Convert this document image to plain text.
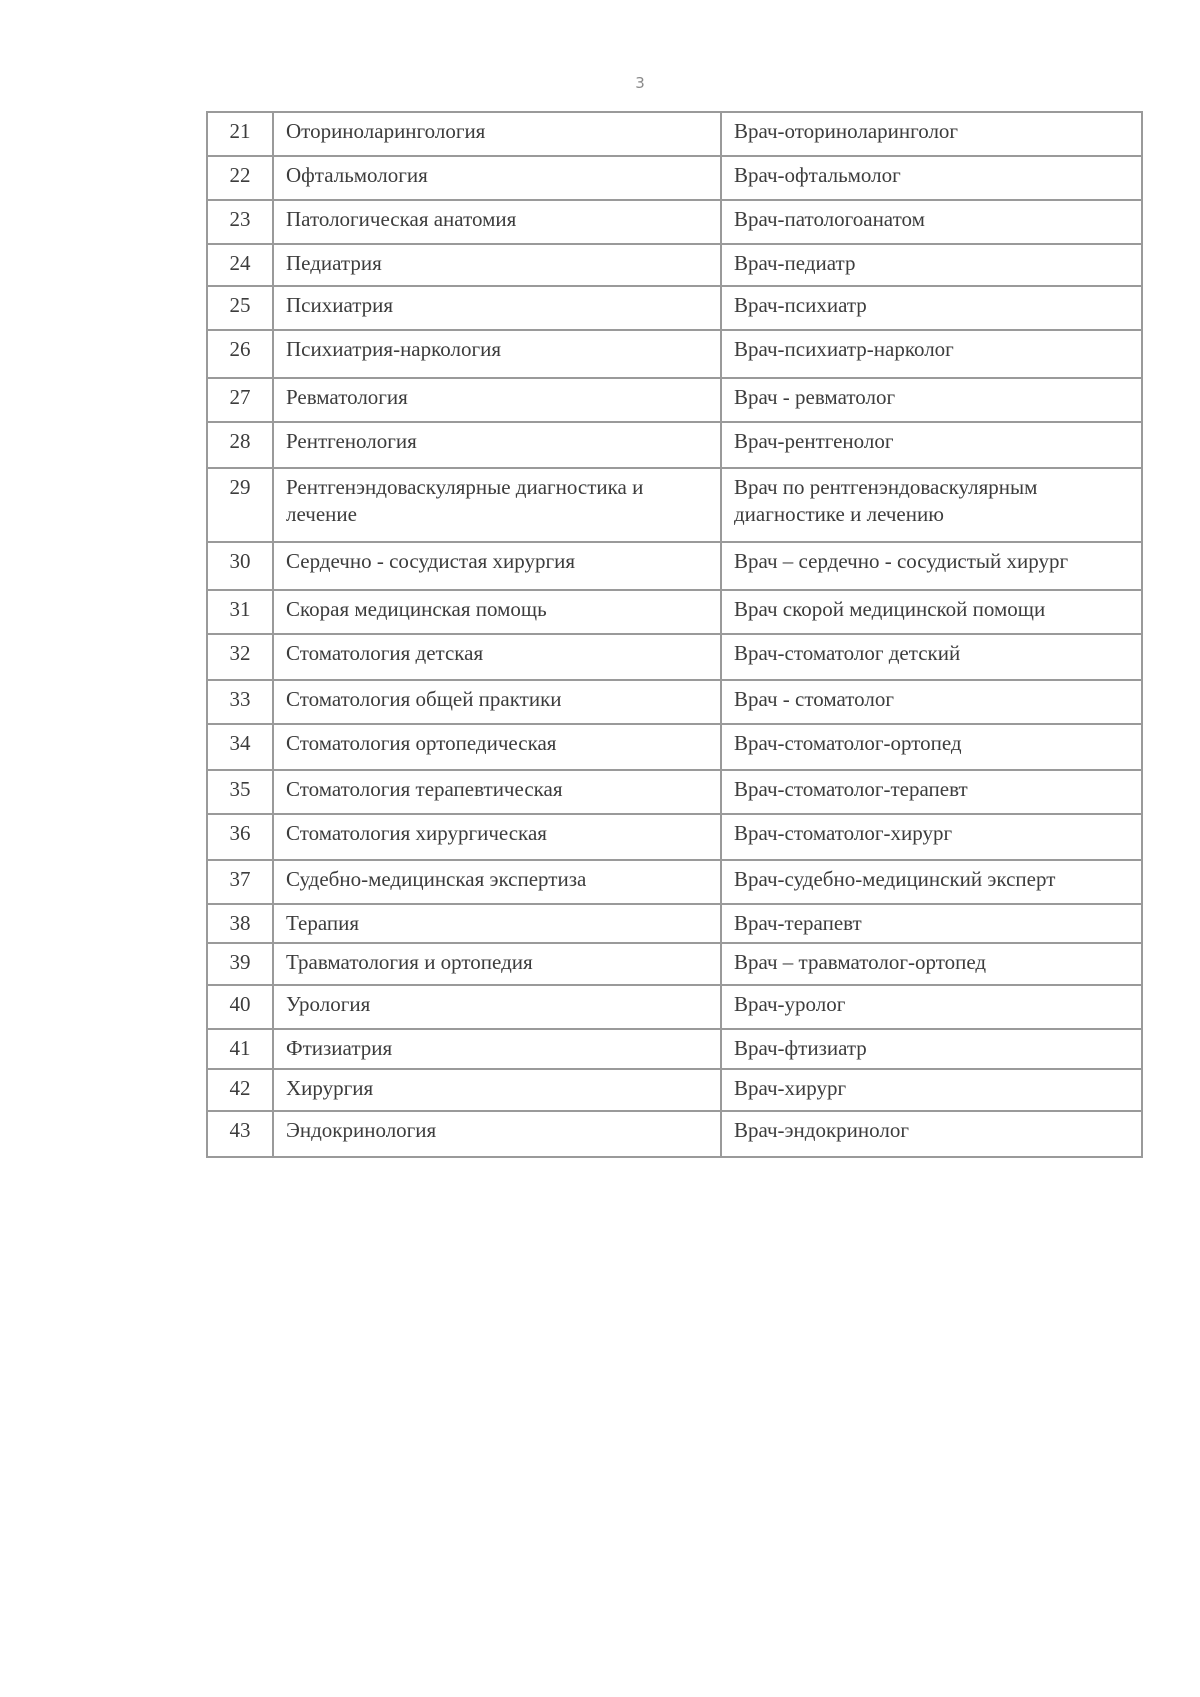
3
21	Оториноларингология	Врач-оториноларинголог
22	Офтальмология	Врач-офтальмолог
23	Патологическая анатомия	Врач-патологоанатом
24	Педиатрия	Врач-педиатр
25	Психиатрия	Врач-психиатр
26	Психиатрия-наркология	Врач-психиатр-нарколог
27	Ревматология	Врач - ревматолог
28	Рентгенология	Врач-рентгенолог
29	Рентгенэндоваскулярные диагностика и лечение	Врач по рентгенэндоваскулярным диагностике и лечению
30	Сердечно - сосудистая хирургия	Врач – сердечно - сосудистый хирург
31	Скорая медицинская помощь	Врач скорой медицинской помощи
32	Стоматология детская	Врач-стоматолог детский
33	Стоматология общей практики	Врач - стоматолог
34	Стоматология ортопедическая	Врач-стоматолог-ортопед
35	Стоматология терапевтическая	Врач-стоматолог-терапевт
36	Стоматология хирургическая	Врач-стоматолог-хирург
37	Судебно-медицинская экспертиза	Врач-судебно-медицинский эксперт
38	Терапия	Врач-терапевт
39	Травматология и ортопедия	Врач – травматолог-ортопед
40	Урология	Врач-уролог
41	Фтизиатрия	Врач-фтизиатр
42	Хирургия	Врач-хирург
43	Эндокринология	Врач-эндокринолог
